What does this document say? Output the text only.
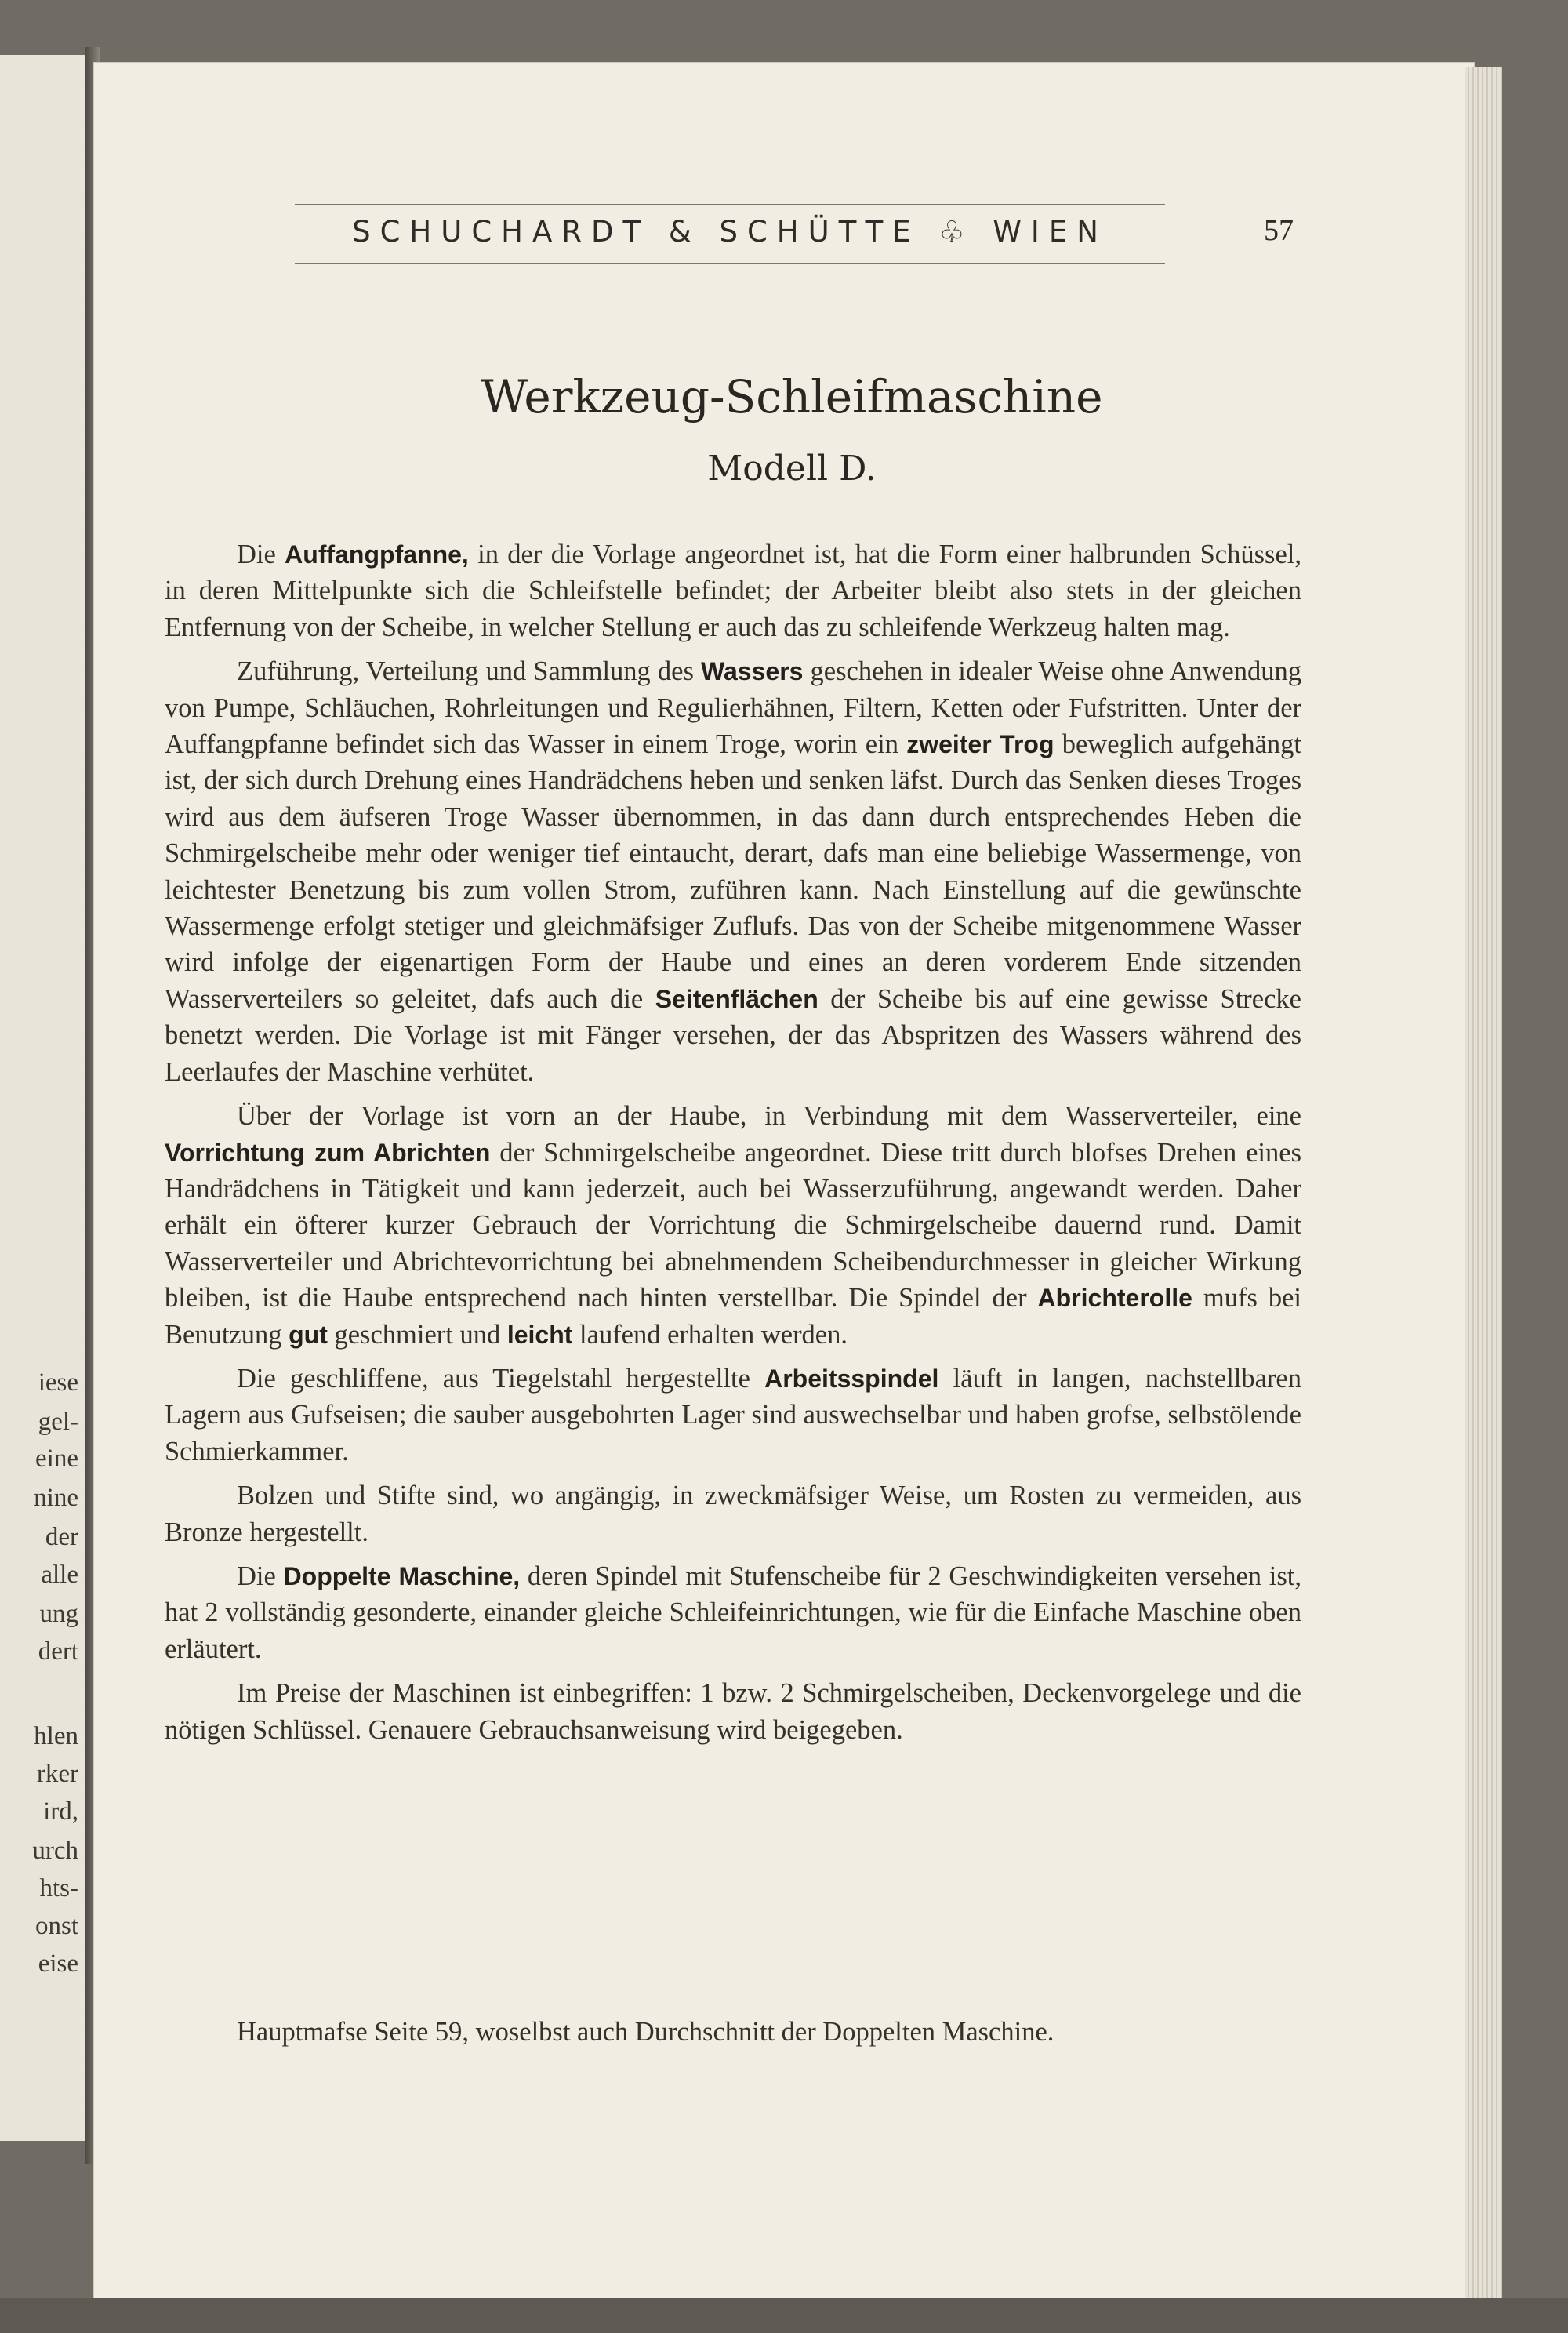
iese
gel-
eine
nine
der
alle
ung
dert
hlen
rker
ird,
urch
hts-
onst
eise
SCHUCHARDT & SCHÜTTE ♧ WIEN	57
Werkzeug-Schleifmaschine
Modell D.

Die Auffangpfanne, in der die Vorlage angeordnet ist, hat die Form einer halbrunden Schüssel, in deren Mittelpunkte sich die Schleifstelle befindet; der Arbeiter bleibt also stets in der gleichen Entfernung von der Scheibe, in welcher Stellung er auch das zu schleifende Werkzeug halten mag.

Zuführung, Verteilung und Sammlung des Wassers geschehen in idealer Weise ohne Anwendung von Pumpe, Schläuchen, Rohrleitungen und Regulierhähnen, Filtern, Ketten oder Fufstritten. Unter der Auffangpfanne befindet sich das Wasser in einem Troge, worin ein zweiter Trog beweglich aufgehängt ist, der sich durch Drehung eines Handrädchens heben und senken läfst. Durch das Senken dieses Troges wird aus dem äufseren Troge Wasser übernommen, in das dann durch entsprechendes Heben die Schmirgelscheibe mehr oder weniger tief eintaucht, derart, dafs man eine beliebige Wassermenge, von leichtester Benetzung bis zum vollen Strom, zuführen kann. Nach Einstellung auf die gewünschte Wassermenge erfolgt stetiger und gleichmäfsiger Zuflufs. Das von der Scheibe mitgenommene Wasser wird infolge der eigenartigen Form der Haube und eines an deren vorderem Ende sitzenden Wasserverteilers so geleitet, dafs auch die Seitenflächen der Scheibe bis auf eine gewisse Strecke benetzt werden. Die Vorlage ist mit Fänger versehen, der das Abspritzen des Wassers während des Leerlaufes der Maschine verhütet.

Über der Vorlage ist vorn an der Haube, in Verbindung mit dem Wasserverteiler, eine Vorrichtung zum Abrichten der Schmirgelscheibe angeordnet. Diese tritt durch blofses Drehen eines Handrädchens in Tätigkeit und kann jederzeit, auch bei Wasserzuführung, angewandt werden. Daher erhält ein öfterer kurzer Gebrauch der Vorrichtung die Schmirgelscheibe dauernd rund. Damit Wasserverteiler und Abrichtevorrichtung bei abnehmendem Scheibendurchmesser in gleicher Wirkung bleiben, ist die Haube entsprechend nach hinten verstellbar. Die Spindel der Abrichterolle mufs bei Benutzung gut geschmiert und leicht laufend erhalten werden.

Die geschliffene, aus Tiegelstahl hergestellte Arbeitsspindel läuft in langen, nachstellbaren Lagern aus Gufseisen; die sauber ausgebohrten Lager sind auswechselbar und haben grofse, selbstölende Schmierkammer.

Bolzen und Stifte sind, wo angängig, in zweckmäfsiger Weise, um Rosten zu vermeiden, aus Bronze hergestellt.

Die Doppelte Maschine, deren Spindel mit Stufenscheibe für 2 Geschwindigkeiten versehen ist, hat 2 vollständig gesonderte, einander gleiche Schleifeinrichtungen, wie für die Einfache Maschine oben erläutert.

Im Preise der Maschinen ist einbegriffen: 1 bzw. 2 Schmirgelscheiben, Deckenvorgelege und die nötigen Schlüssel. Genauere Gebrauchsanweisung wird beigegeben.

Hauptmafse Seite 59, woselbst auch Durchschnitt der Doppelten Maschine.
